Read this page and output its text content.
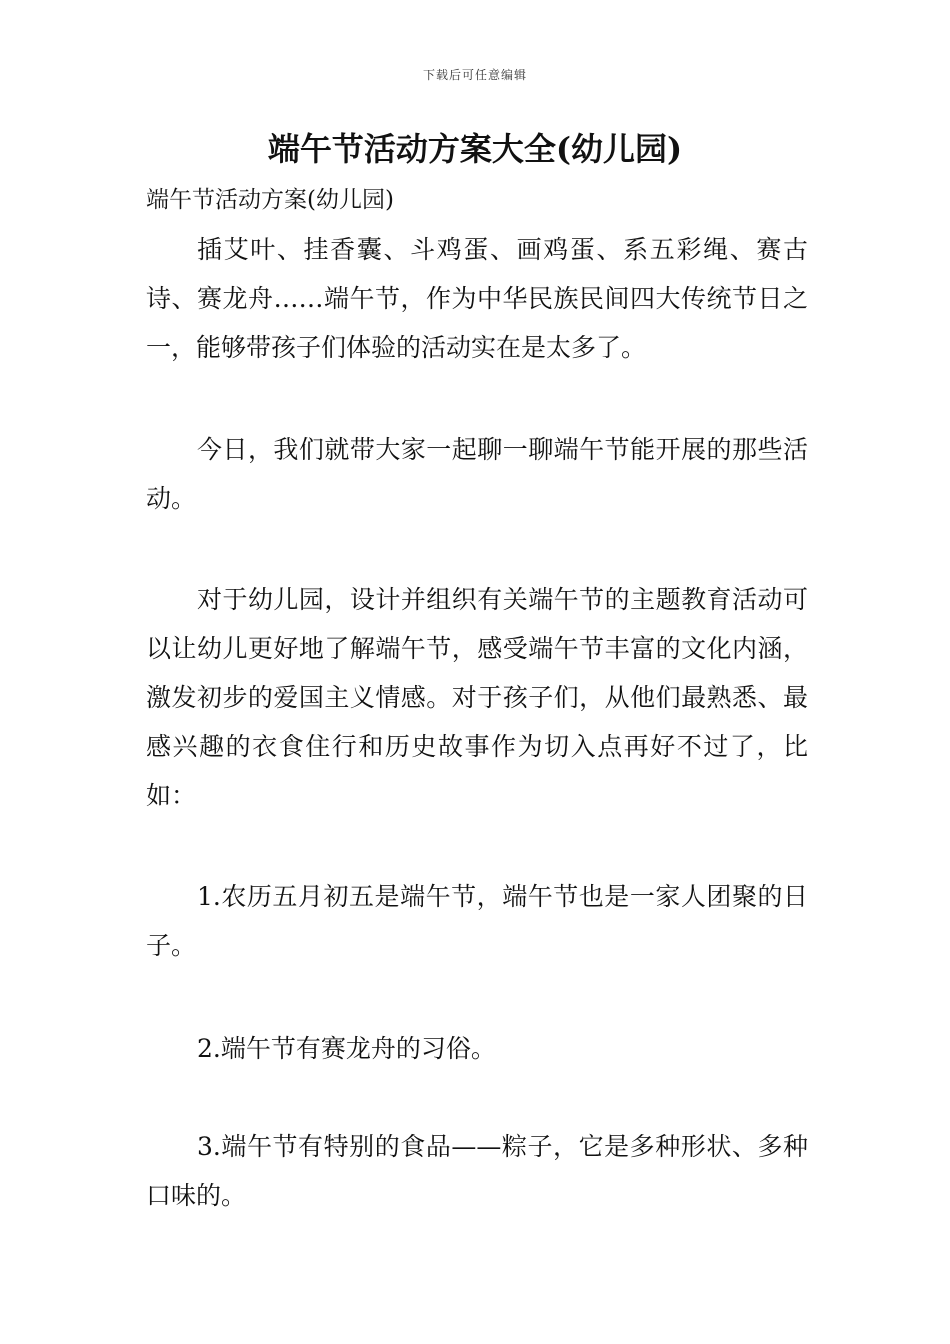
下载后可任意编辑
端午节活动方案大全(幼儿园)
端午节活动方案(幼儿园)

插艾叶、挂香囊、斗鸡蛋、画鸡蛋、系五彩绳、赛古诗、赛龙舟……端午节，作为中华民族民间四大传统节日之一，能够带孩子们体验的活动实在是太多了。

今日，我们就带大家一起聊一聊端午节能开展的那些活动。

对于幼儿园，设计并组织有关端午节的主题教育活动可以让幼儿更好地了解端午节，感受端午节丰富的文化内涵，激发初步的爱国主义情感。对于孩子们，从他们最熟悉、最感兴趣的衣食住行和历史故事作为切入点再好不过了，比如：

1.农历五月初五是端午节，端午节也是一家人团聚的日子。

2.端午节有赛龙舟的习俗。

3.端午节有特别的食品——粽子，它是多种形状、多种口味的。
